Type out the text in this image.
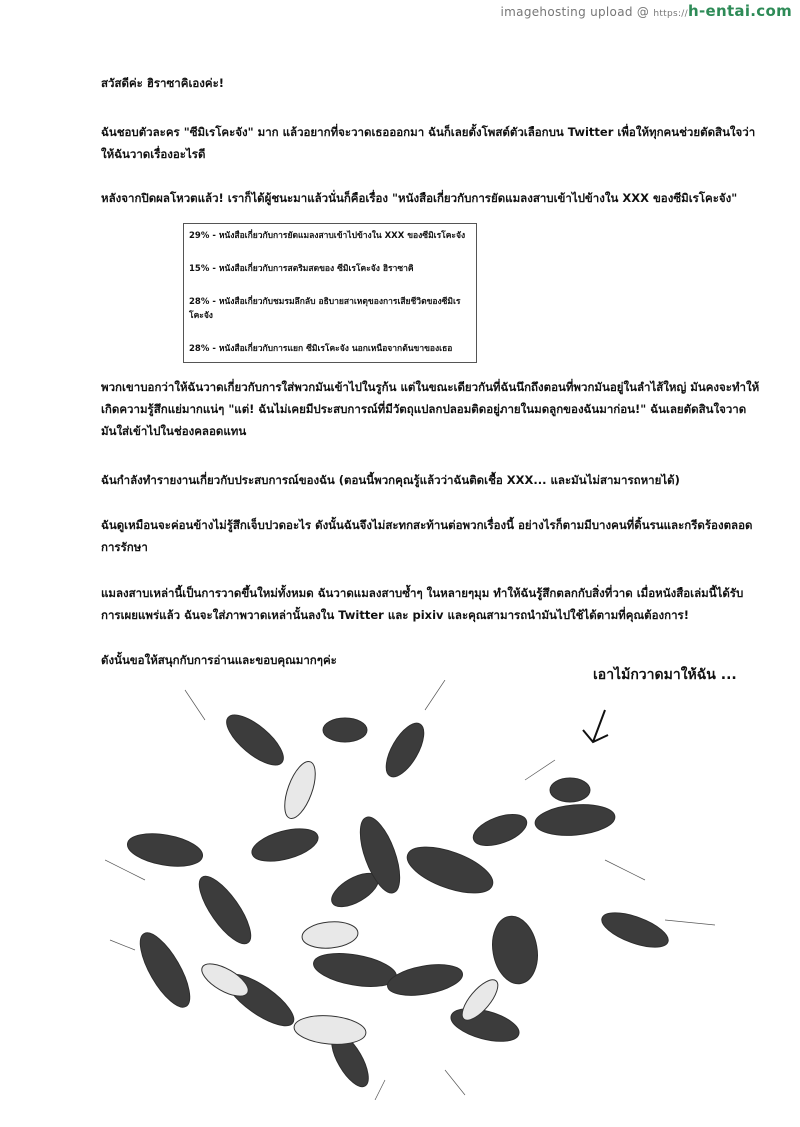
imagehosting upload @ https://h-entai.com

สวัสดีค่ะ ฮิราซาคิเองค่ะ!

ฉันชอบตัวละคร "ซีมิเรโคะจัง" มาก แล้วอยากที่จะวาดเธอออกมา ฉันก็เลยตั้งโพสต์ตัวเลือกบน Twitter เพื่อให้ทุกคนช่วยตัดสินใจว่าให้ฉันวาดเรื่องอะไรดี

หลังจากปิดผลโหวตแล้ว! เราก็ได้ผู้ชนะมาแล้วนั่นก็คือเรื่อง "หนังสือเกี่ยวกับการยัดแมลงสาบเข้าไปข้างใน XXX ของซีมิเรโคะจัง"

29% - หนังสือเกี่ยวกับการยัดแมลงสาบเข้าไปข้างใน XXX ของซีมิเรโคะจัง
15% - หนังสือเกี่ยวกับการสตริมสดของ ซีมิเรโคะจัง ฮิราซาคิ
28% - หนังสือเกี่ยวกับชมรมลึกลับ อธิบายสาเหตุของการเสียชีวิตของซีมิเรโคะจัง
28% - หนังสือเกี่ยวกับการแยก ซีมิเรโคะจัง นอกเหนือจากต้นขาของเธอ

พวกเขาบอกว่าให้ฉันวาดเกี่ยวกับการใส่พวกมันเข้าไปในรูก้น แต่ในขณะเดียวกันที่ฉันนึกถึงตอนที่พวกมันอยู่ในลำไส้ใหญ่ มันคงจะทำให้เกิดความรู้สึกแย่มากแน่ๆ "แต่! ฉันไม่เคยมีประสบการณ์ที่มีวัตถุแปลกปลอมติดอยู่ภายในมดลูกของฉันมาก่อน!" ฉันเลยตัดสินใจวาดมันใส่เข้าไปในช่องคลอดแทน

ฉันกำลังทำรายงานเกี่ยวกับประสบการณ์ของฉัน (ตอนนี้พวกคุณรู้แล้วว่าฉันติดเชื้อ XXX... และมันไม่สามารถหายได้)

ฉันดูเหมือนจะค่อนข้างไม่รู้สึกเจ็บปวดอะไร ดังนั้นฉันจึงไม่สะทกสะท้านต่อพวกเรื่องนี้ อย่างไรก็ตามมีบางคนที่ดิ้นรนและกรีดร้องตลอดการรักษา

แมลงสาบเหล่านี้เป็นการวาดขึ้นใหม่ทั้งหมด ฉันวาดแมลงสาบซ้ำๆ ในหลายๆมุม ทำให้ฉันรู้สึกตลกกับสิ่งที่วาด เมื่อหนังสือเล่มนี้ได้รับการเผยแพร่แล้ว ฉันจะใส่ภาพวาดเหล่านั้นลงใน Twitter และ pixiv และคุณสามารถนำมันไปใช้ได้ตามที่คุณต้องการ!

ดังนั้นขอให้สนุกกับการอ่านและขอบคุณมากๆค่ะ

เอาไม้กวาดมาให้ฉัน ...
